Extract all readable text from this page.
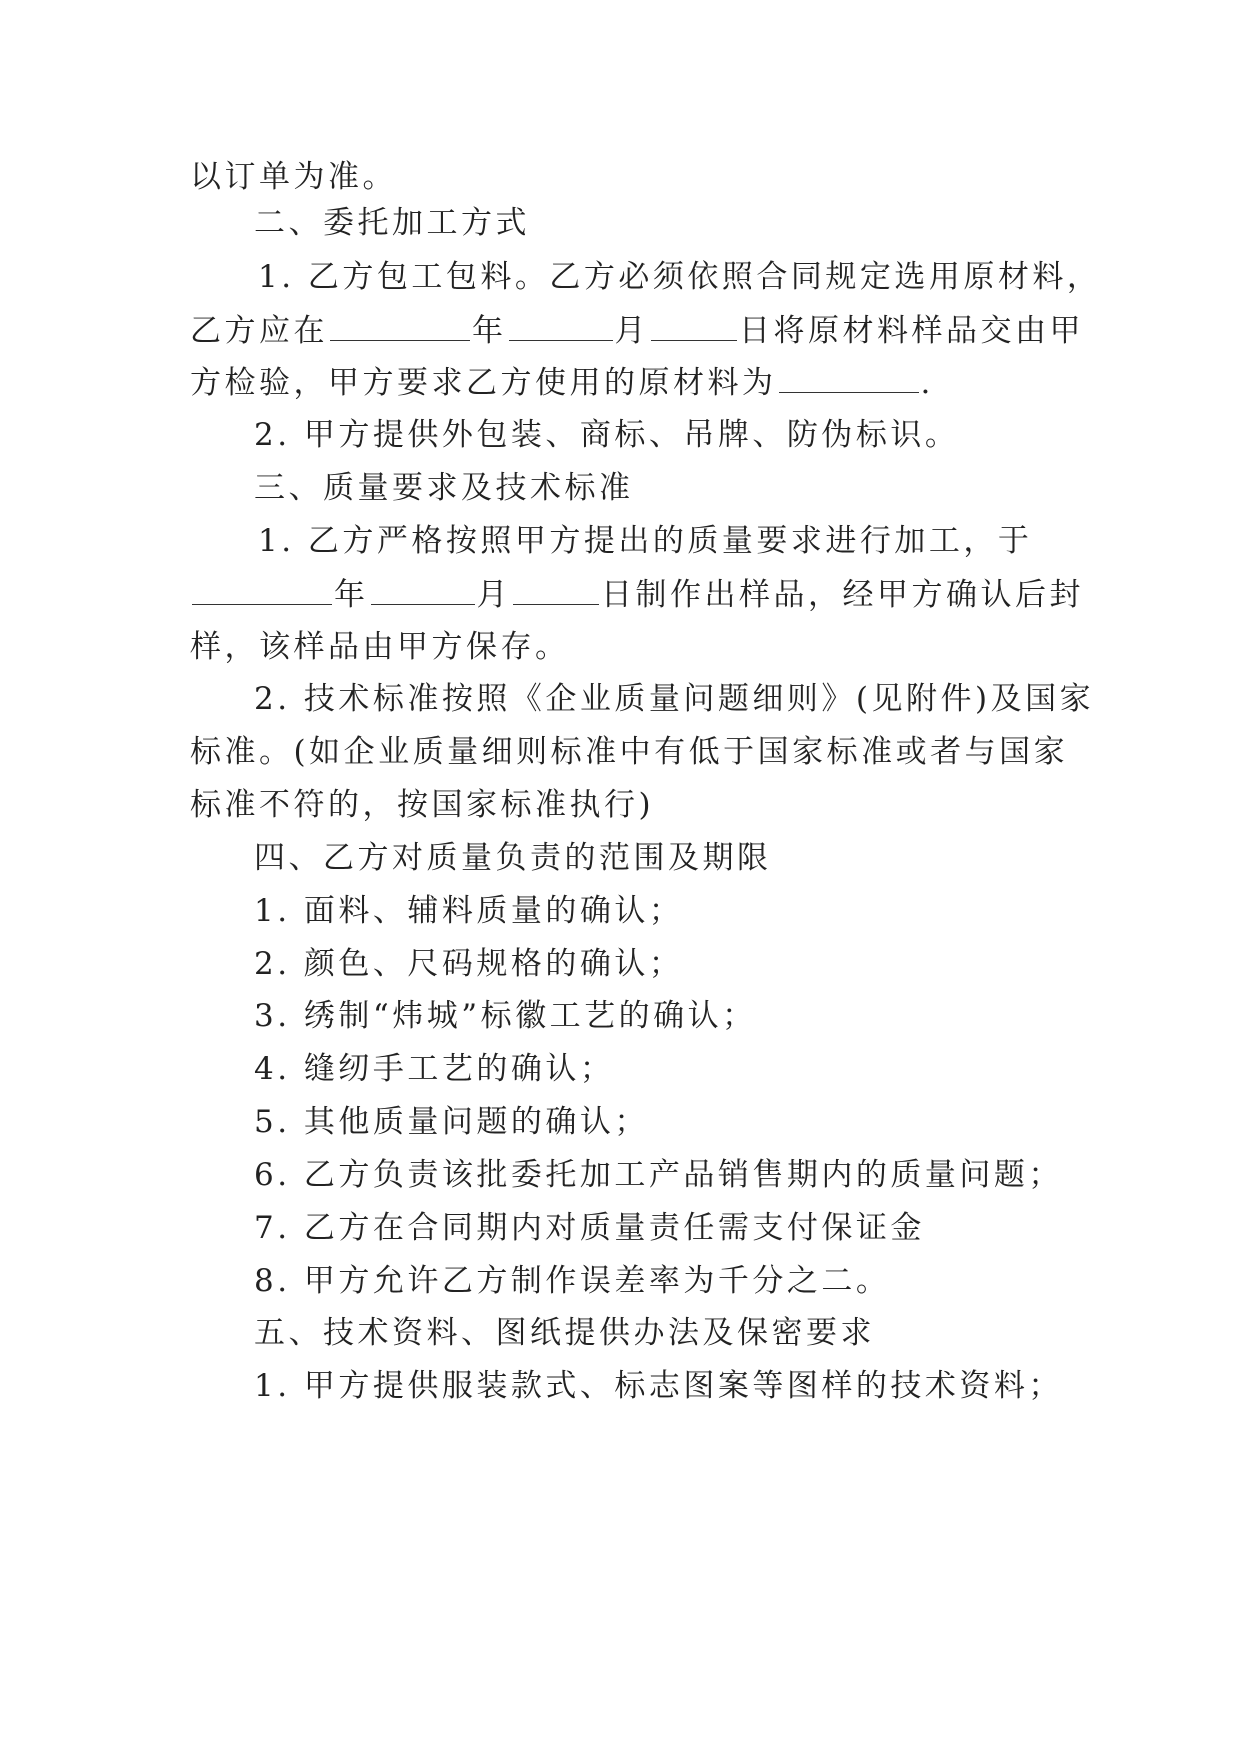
以订单为准。
二、委托加工方式
1. 乙方包工包料。乙方必须依照合同规定选用原材料，
乙方应在	年	月	日将原材料样品交由甲
方检验，甲方要求乙方使用的原材料为	.
2. 甲方提供外包装、商标、吊牌、防伪标识。
三、质量要求及技术标准
1. 乙方严格按照甲方提出的质量要求进行加工，于
年	月	日制作出样品，经甲方确认后封
样，该样品由甲方保存。
2. 技术标准按照《企业质量问题细则》(见附件)及国家
标准。(如企业质量细则标准中有低于国家标准或者与国家
标准不符的，按国家标准执行)
四、乙方对质量负责的范围及期限
1. 面料、辅料质量的确认；
2. 颜色、尺码规格的确认；
3. 绣制“炜城”标徽工艺的确认；
4. 缝纫手工艺的确认；
5. 其他质量问题的确认；
6. 乙方负责该批委托加工产品销售期内的质量问题；
7. 乙方在合同期内对质量责任需支付保证金
8. 甲方允许乙方制作误差率为千分之二。
五、技术资料、图纸提供办法及保密要求
1. 甲方提供服装款式、标志图案等图样的技术资料；
